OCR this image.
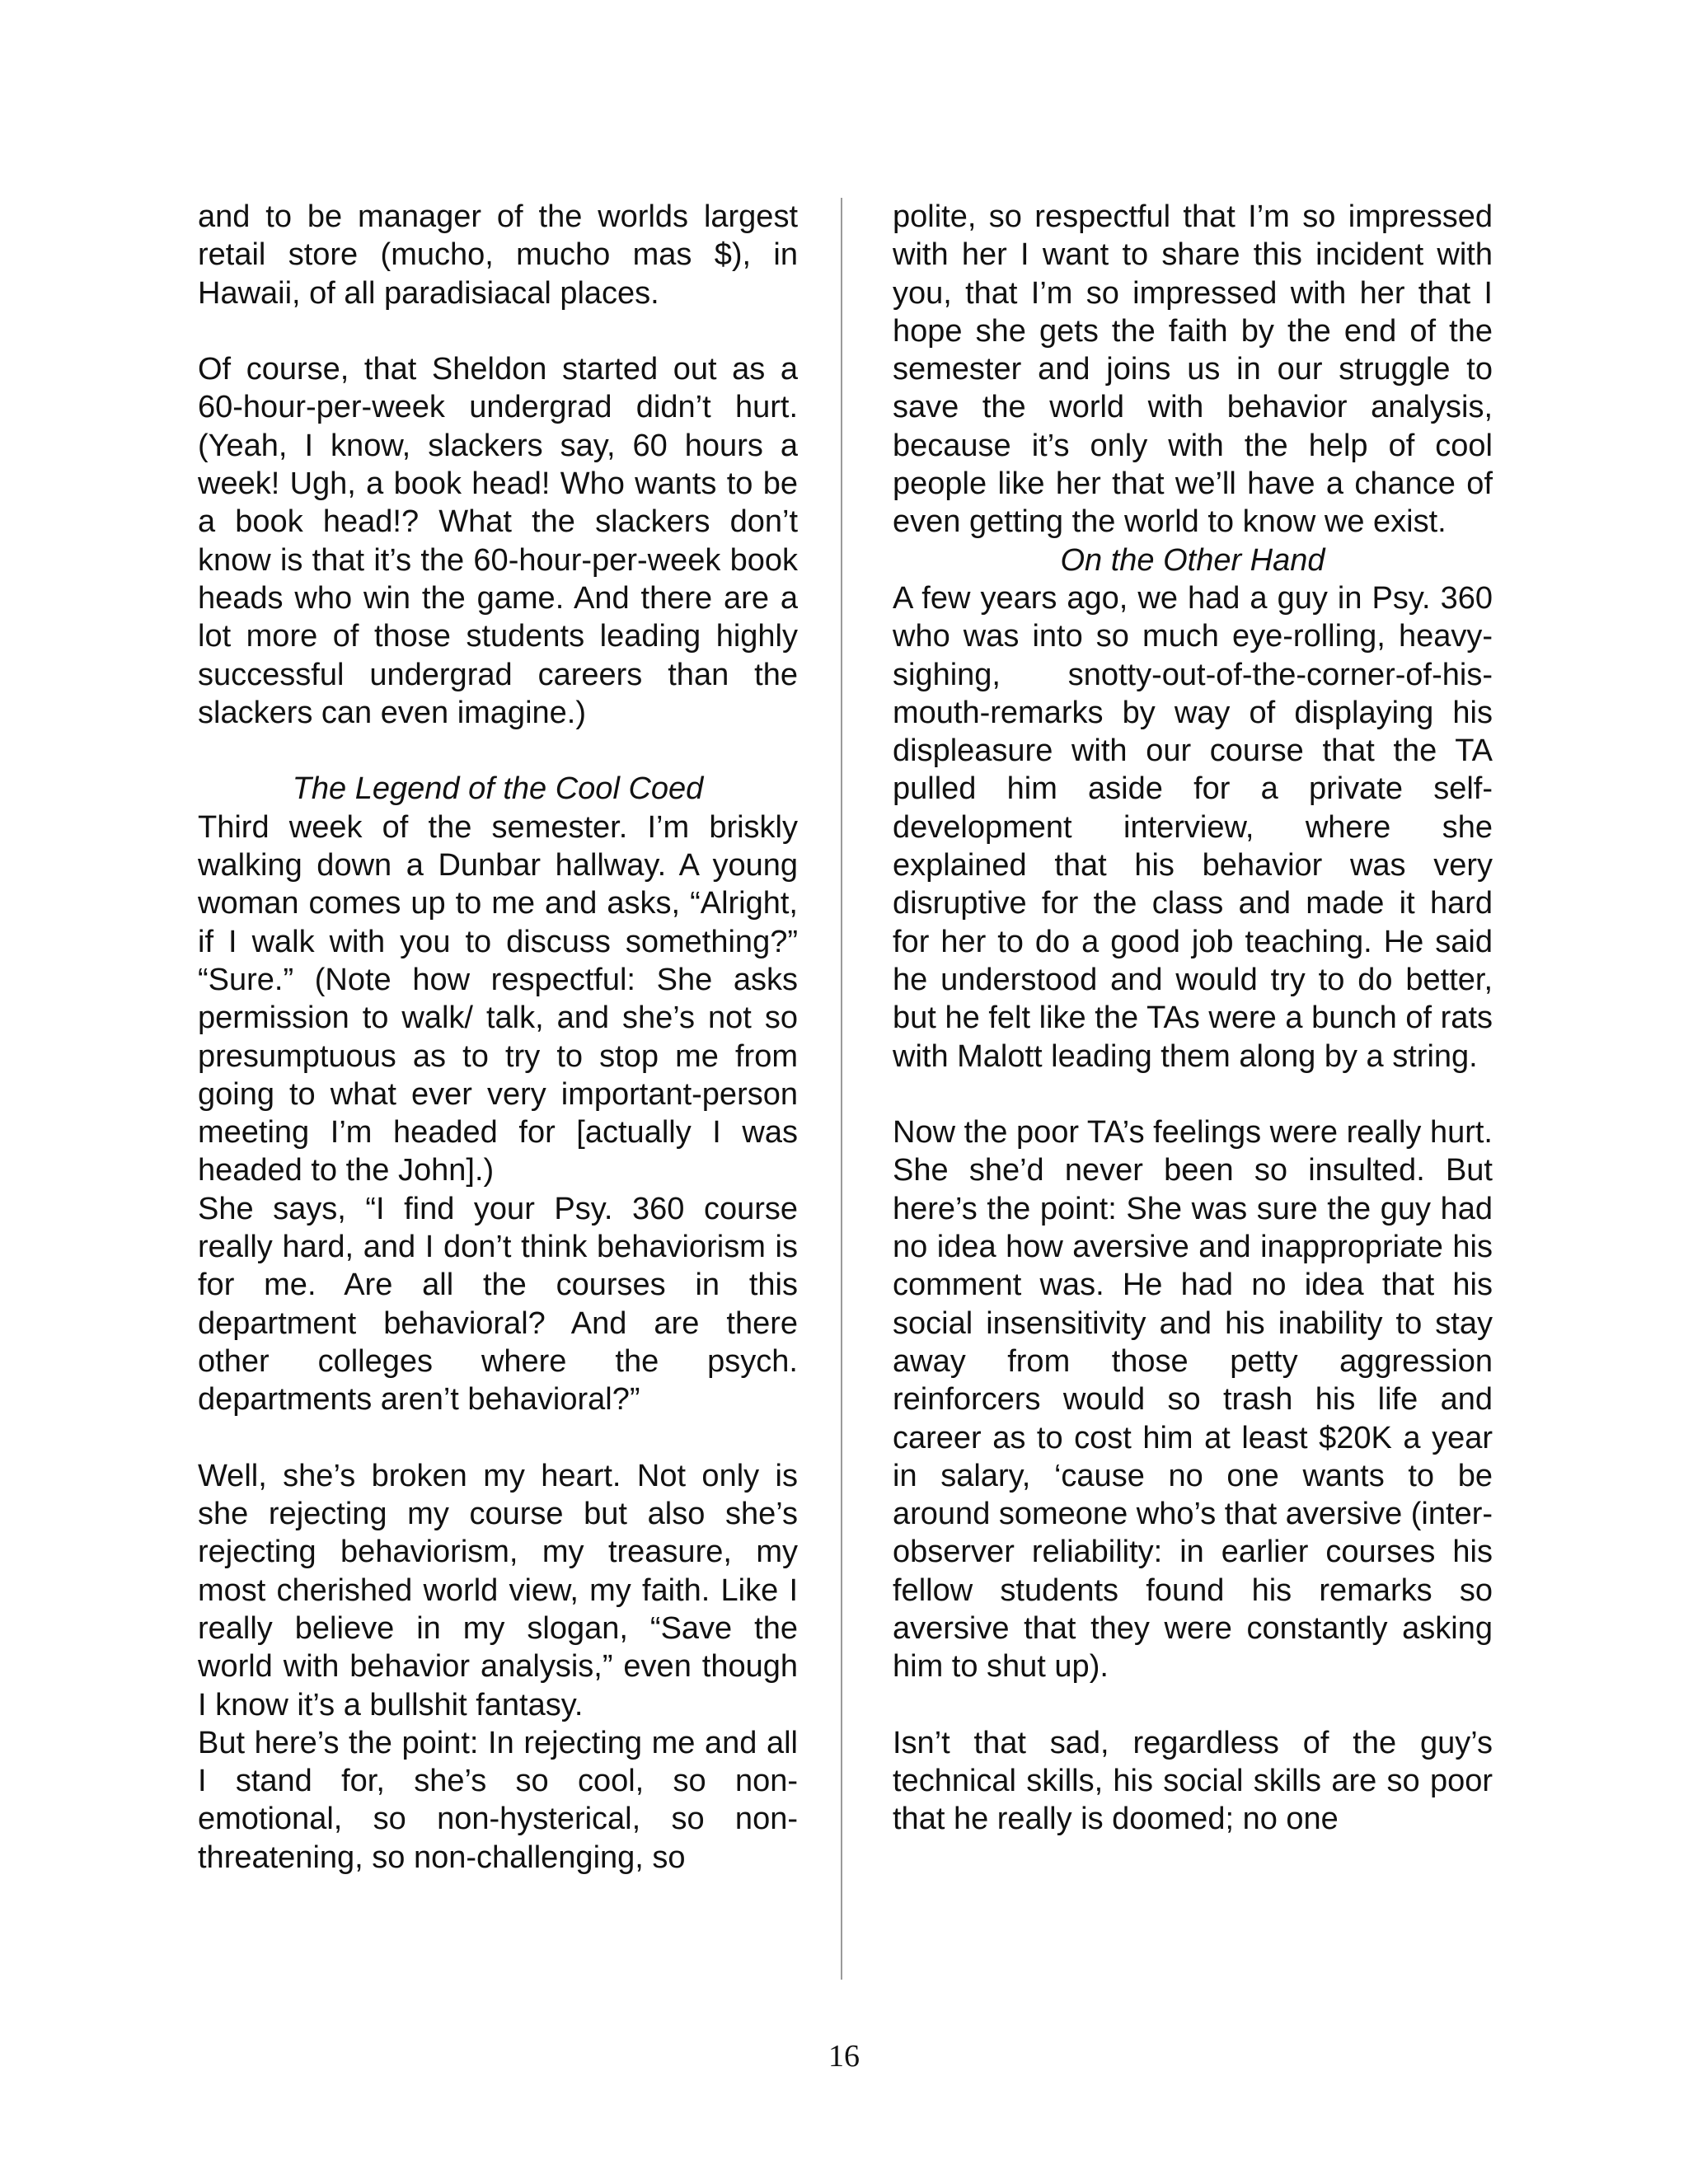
and to be manager of the worlds largest retail store (mucho, mucho mas $), in Hawaii, of all paradisiacal places.

Of course, that Sheldon started out as a 60-hour-per-week undergrad didn’t hurt. (Yeah, I know, slackers say, 60 hours a week! Ugh, a book head! Who wants to be a book head!? What the slackers don’t know is that it’s the 60-hour-per-week book heads who win the game. And there are a lot more of those students leading highly successful undergrad careers than the slackers can even imagine.)

The Legend of the Cool Coed

Third week of the semester. I’m briskly walking down a Dunbar hallway. A young woman comes up to me and asks, “Alright, if I walk with you to discuss something?” “Sure.” (Note how respectful: She asks permission to walk/ talk, and she’s not so presumptuous as to try to stop me from going to what ever very important-person meeting I’m headed for [actually I was headed to the John].)

She says, “I find your Psy. 360 course really hard, and I don’t think behaviorism is for me. Are all the courses in this department behavioral? And are there other colleges where the psych. departments aren’t behavioral?”

Well, she’s broken my heart. Not only is she rejecting my course but also she’s rejecting behaviorism, my treasure, my most cherished world view, my faith. Like I really believe in my slogan, “Save the world with behavior analysis,” even though I know it’s a bullshit fantasy.

But here’s the point: In rejecting me and all I stand for, she’s so cool, so non-emotional, so non-hysterical, so non-threatening, so non-challenging, so

polite, so respectful that I’m so impressed with her I want to share this incident with you, that I’m so impressed with her that I hope she gets the faith by the end of the semester and joins us in our struggle to save the world with behavior analysis, because it’s only with the help of cool people like her that we’ll have a chance of even getting the world to know we exist.

On the Other Hand

A few years ago, we had a guy in Psy. 360 who was into so much eye-rolling, heavy-sighing, snotty-out-of-the-corner-of-his-mouth-remarks by way of displaying his displeasure with our course that the TA pulled him aside for a private self-development interview, where she explained that his behavior was very disruptive for the class and made it hard for her to do a good job teaching. He said he understood and would try to do better, but he felt like the TAs were a bunch of rats with Malott leading them along by a string.

Now the poor TA’s feelings were really hurt. She she’d never been so insulted. But here’s the point: She was sure the guy had no idea how aversive and inappropriate his comment was. He had no idea that his social insensitivity and his inability to stay away from those petty aggression reinforcers would so trash his life and career as to cost him at least $20K a year in salary, ‘cause no one wants to be around someone who’s that aversive (inter-observer reliability: in earlier courses his fellow students found his remarks so aversive that they were constantly asking him to shut up).

Isn’t that sad, regardless of the guy’s technical skills, his social skills are so poor that he really is doomed; no one

16
